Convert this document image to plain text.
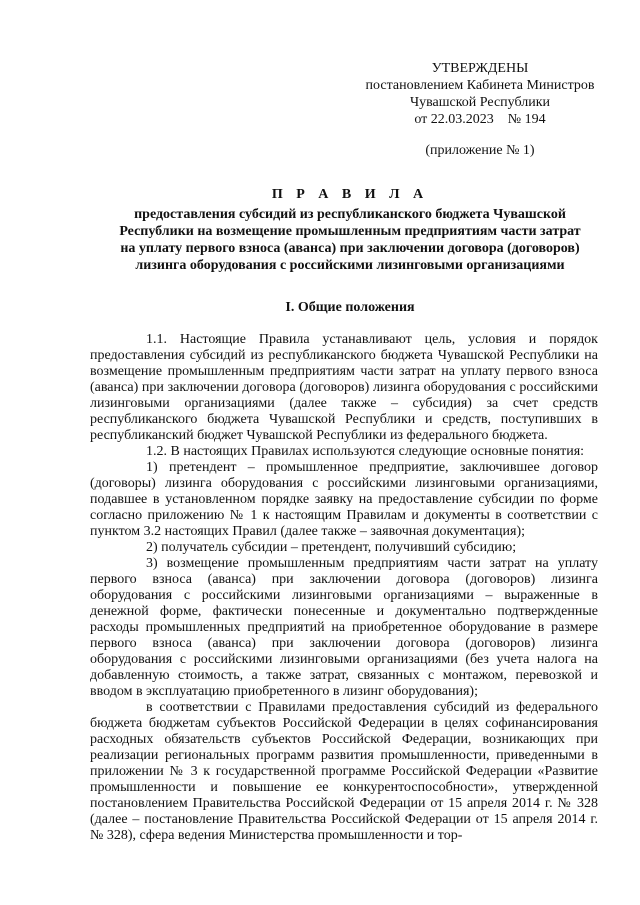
УТВЕРЖДЕНЫ
постановлением Кабинета Министров
Чувашской Республики
от 22.03.2023    № 194
(приложение № 1)
П Р А В И Л А
предоставления субсидий из республиканского бюджета Чувашской
Республики на возмещение промышленным предприятиям части затрат
на уплату первого взноса (аванса) при заключении договора (договоров)
лизинга оборудования с российскими лизинговыми организациями
I. Общие положения

1.1. Настоящие Правила устанавливают цель, условия и порядок предоставления субсидий из республиканского бюджета Чувашской Республики на возмещение промышленным предприятиям части затрат на уплату первого взноса (аванса) при заключении договора (договоров) лизинга оборудования с российскими лизинговыми организациями (далее также – субсидия) за счет средств республиканского бюджета Чувашской Республики и средств, поступивших в республиканский бюджет Чувашской Республики из федерального бюджета.

1.2. В настоящих Правилах используются следующие основные понятия:

1) претендент – промышленное предприятие, заключившее договор (договоры) лизинга оборудования с российскими лизинговыми организациями, подавшее в установленном порядке заявку на предоставление субсидии по форме согласно приложению № 1 к настоящим Правилам и документы в соответствии с пунктом 3.2 настоящих Правил (далее также – заявочная документация);

2) получатель субсидии – претендент, получивший субсидию;

3) возмещение промышленным предприятиям части затрат на уплату первого взноса (аванса) при заключении договора (договоров) лизинга оборудования с российскими лизинговыми организациями – выраженные в денежной форме, фактически понесенные и документально подтвержденные расходы промышленных предприятий на приобретенное оборудование в размере первого взноса (аванса) при заключении договора (договоров) лизинга оборудования с российскими лизинговыми организациями (без учета налога на добавленную стоимость, а также затрат, связанных с монтажом, перевозкой и вводом в эксплуатацию приобретенного в лизинг оборудования);

в соответствии с Правилами предоставления субсидий из федерального бюджета бюджетам субъектов Российской Федерации в целях софинансирования расходных обязательств субъектов Российской Федерации, возникающих при реализации региональных программ развития промышленности, приведенными в приложении № 3 к государственной программе Российской Федерации «Развитие промышленности и повышение ее конкурентоспособности», утвержденной постановлением Правительства Российской Федерации от 15 апреля 2014 г. № 328 (далее – постановление Правительства Российской Федерации от 15 апреля 2014 г. № 328), сфера ведения Министерства промышленности и тор-
